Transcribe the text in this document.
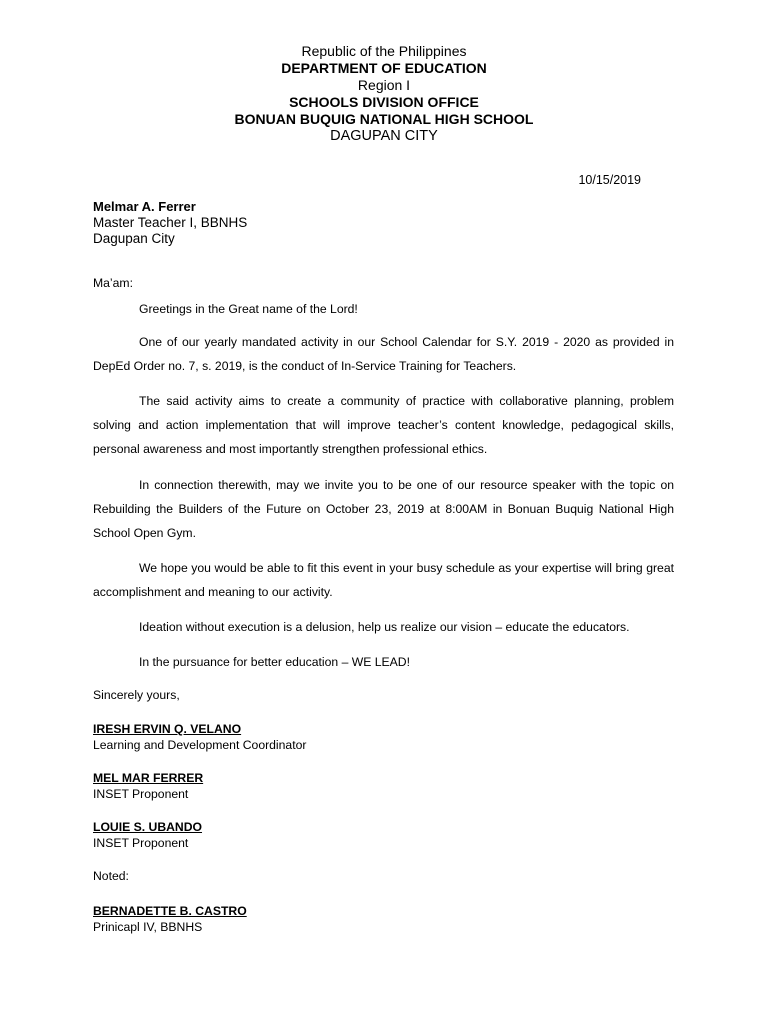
Republic of the Philippines
DEPARTMENT OF EDUCATION
Region I
SCHOOLS DIVISION OFFICE
BONUAN BUQUIG NATIONAL HIGH SCHOOL
DAGUPAN CITY
10/15/2019
Melmar A. Ferrer
Master Teacher I, BBNHS
Dagupan City
Ma’am:

Greetings in the Great name of the Lord!

One of our yearly mandated activity in our School Calendar for S.Y. 2019 - 2020 as provided in DepEd Order no. 7, s. 2019, is the conduct of In-Service Training for Teachers.

The said activity aims to create a community of practice with collaborative planning, problem solving and action implementation that will improve teacher’s content knowledge, pedagogical skills, personal awareness and most importantly strengthen professional ethics.

In connection therewith, may we invite you to be one of our resource speaker with the topic on Rebuilding the Builders of the Future on October 23, 2019 at 8:00AM in Bonuan Buquig National High School Open Gym.

We hope you would be able to fit this event in your busy schedule as your expertise will bring great accomplishment and meaning to our activity.

Ideation without execution is a delusion, help us realize our vision – educate the educators.

In the pursuance for better education – WE LEAD!

Sincerely yours,
IRESH ERVIN Q. VELANO
Learning and Development Coordinator
MEL MAR FERRER
INSET Proponent
LOUIE S. UBANDO
INSET Proponent
Noted:
BERNADETTE B. CASTRO
Prinicapl IV, BBNHS
